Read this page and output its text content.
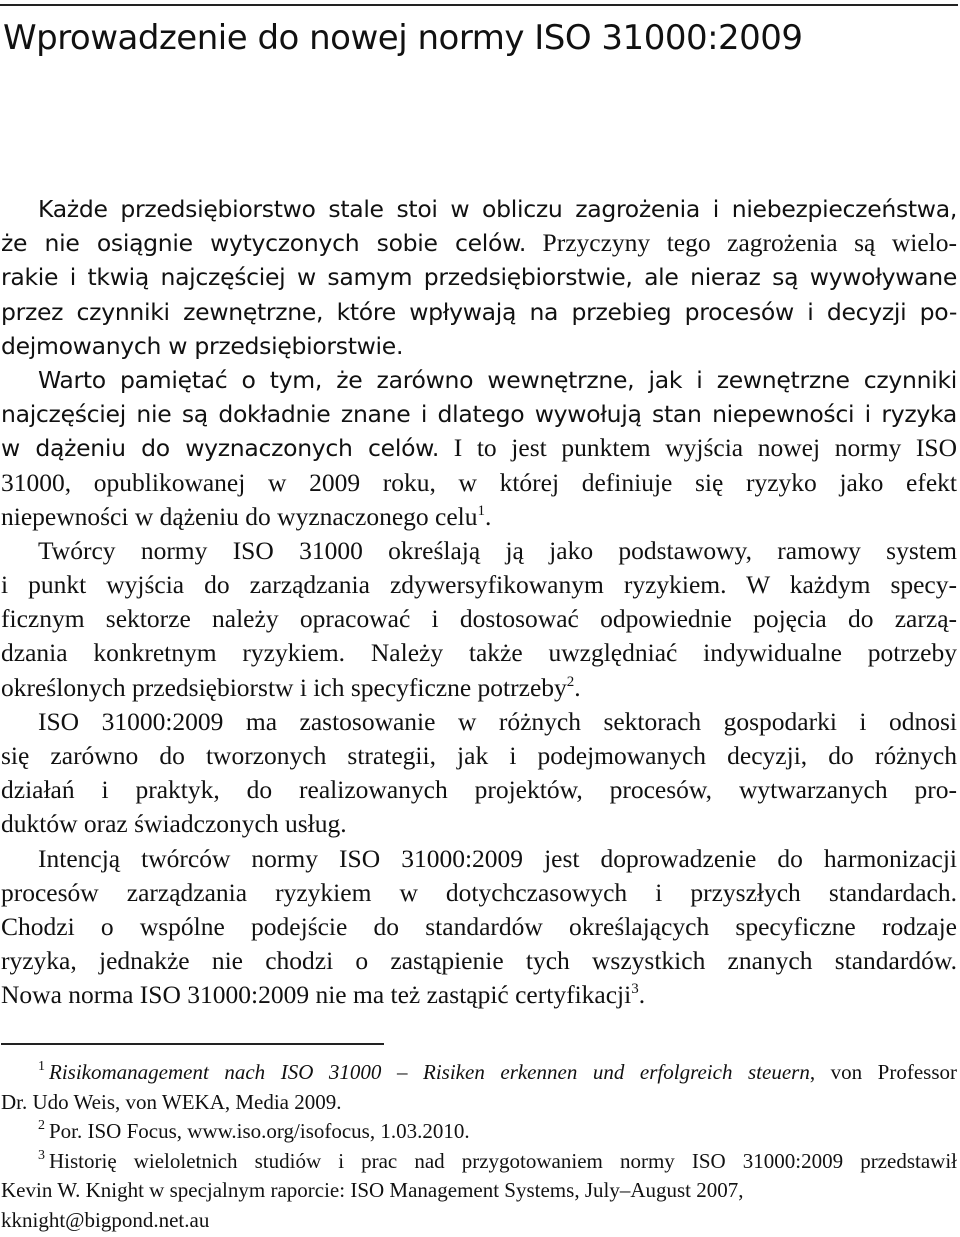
Wprowadzenie do nowej normy ISO 31000:2009
Każde przedsiębiorstwo stale stoi w obliczu zagrożenia i niebezpieczeństwa,
że nie osiągnie wytyczonych sobie celów. Przyczyny tego zagrożenia są wielo-
rakie i tkwią najczęściej w samym przedsiębiorstwie, ale nieraz są wywoływane
przez czynniki zewnętrzne, które wpływają na przebieg procesów i decyzji po-
dejmowanych w przedsiębiorstwie.
Warto pamiętać o tym, że zarówno wewnętrzne, jak i zewnętrzne czynniki
najczęściej nie są dokładnie znane i dlatego wywołują stan niepewności i ryzyka
w dążeniu do wyznaczonych celów. I to jest punktem wyjścia nowej normy ISO
31000, opublikowanej w 2009 roku, w której definiuje się ryzyko jako efekt
niepewności w dążeniu do wyznaczonego celu$^1$.
Twórcy normy ISO 31000 określają ją jako podstawowy, ramowy system
i punkt wyjścia do zarządzania zdywersyfikowanym ryzykiem. W każdym specy-
ficznym sektorze należy opracować i dostosować odpowiednie pojęcia do zarzą-
dzania konkretnym ryzykiem. Należy także uwzględniać indywidualne potrzeby
określonych przedsiębiorstw i ich specyficzne potrzeby$^2$.
ISO 31000:2009 ma zastosowanie w różnych sektorach gospodarki i odnosi
się zarówno do tworzonych strategii, jak i podejmowanych decyzji, do różnych
działań i praktyk, do realizowanych projektów, procesów, wytwarzanych pro-
duktów oraz świadczonych usług.
Intencją twórców normy ISO 31000:2009 jest doprowadzenie do harmonizacji
procesów zarządzania ryzykiem w dotychczasowych i przyszłych standardach.
Chodzi o wspólne podejście do standardów określających specyficzne rodzaje
ryzyka, jednakże nie chodzi o zastąpienie tych wszystkich znanych standardów.
Nowa norma ISO 31000:2009 nie ma też zastąpić certyfikacji$^3$.
$^1$ Risikomanagement nach ISO 31000 – Risiken erkennen und erfolgreich steuern, von Professor
Dr. Udo Weis, von WEKA, Media 2009.
$^2$ Por. ISO Focus, www.iso.org/isofocus, 1.03.2010.
$^3$ Historię wieloletnich studiów i prac nad przygotowaniem normy ISO 31000:2009 przedstawił
Kevin W. Knight w specjalnym raporcie: ISO Management Systems, July–August 2007,
kknight@bigpond.net.au
